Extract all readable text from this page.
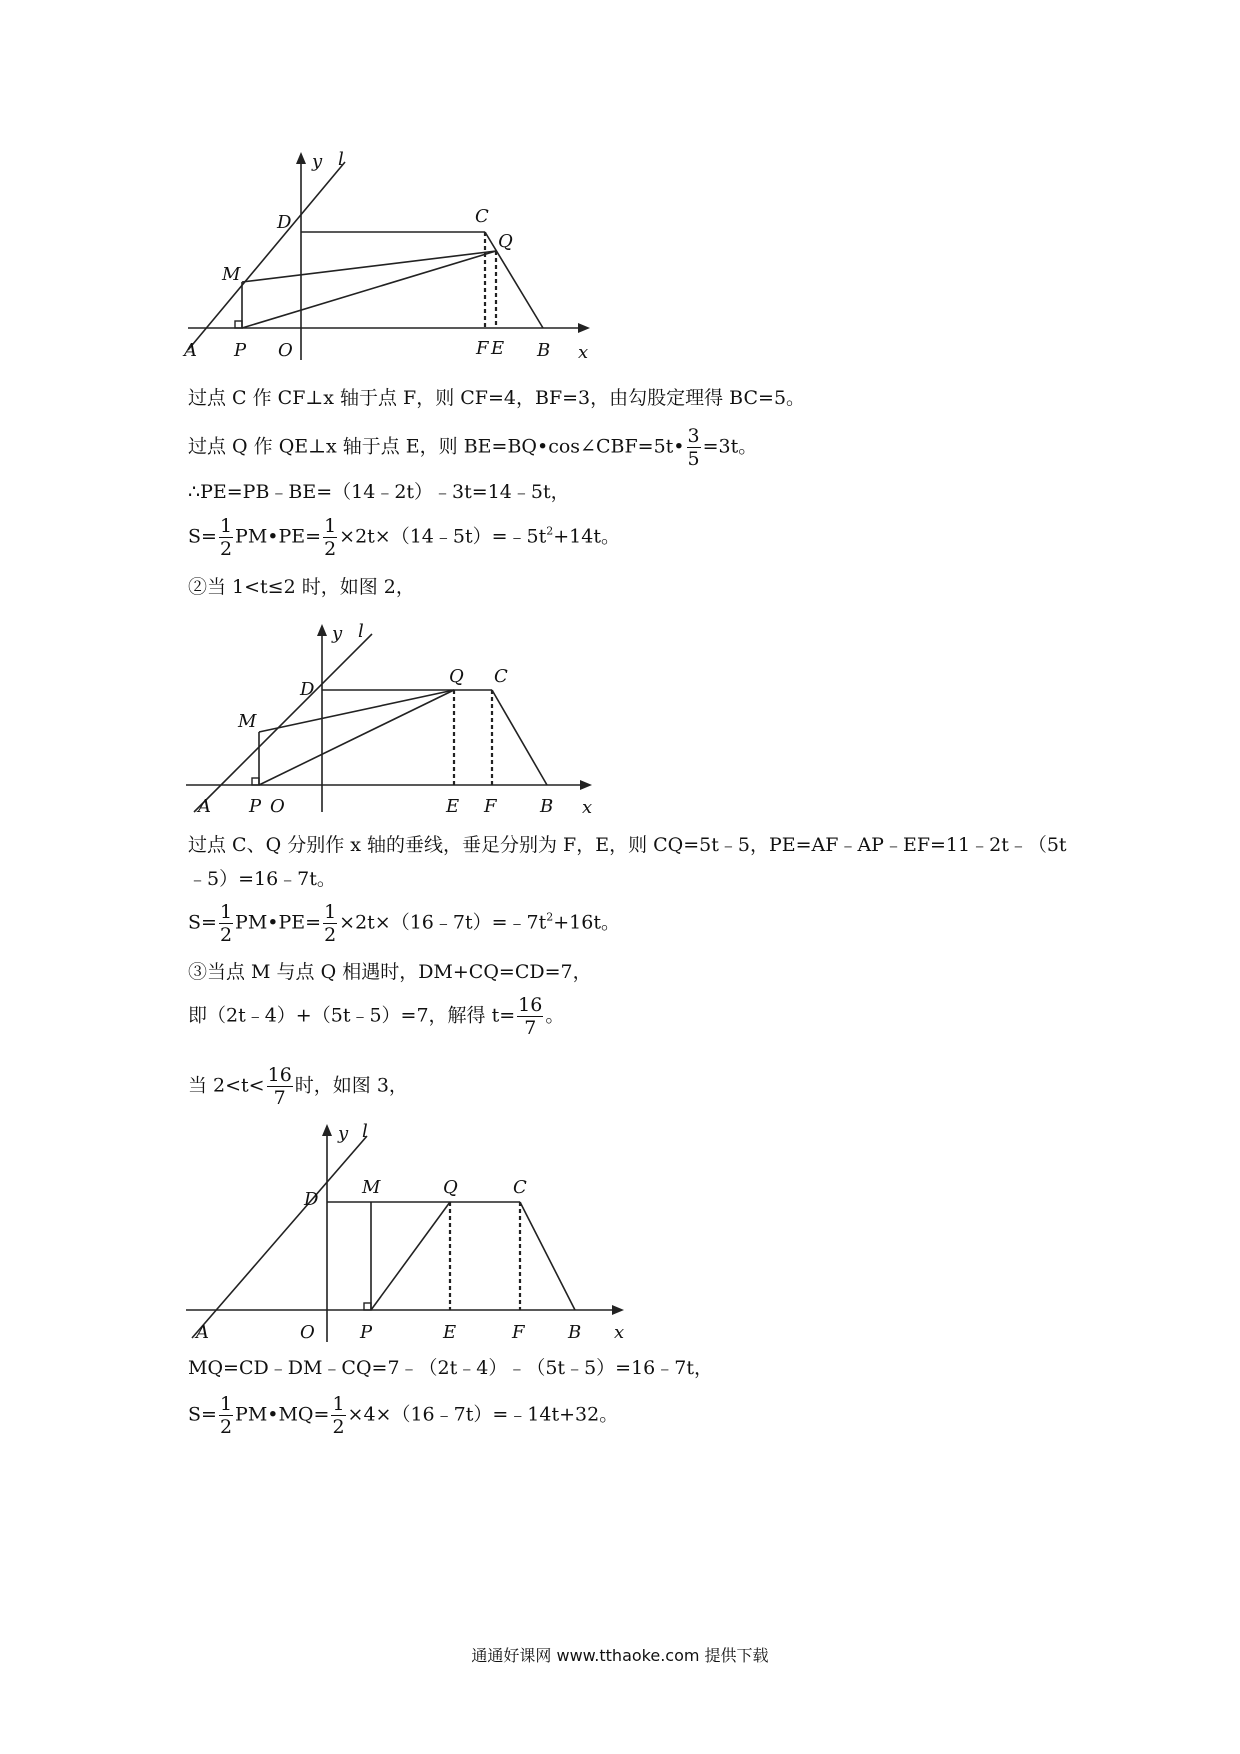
y l
x
A P O	F E B
D	C
Q
M
过点 C 作 CF⊥x 轴于点 F，则 CF=4，BF=3，由勾股定理得 BC=5。
过点 Q 作 QE⊥x 轴于点 E，则 BE=BQ•cos∠CBF=5t• $\frac{3}{5} =3t$。
∴PE=PB﹣BE=（14﹣2t）﹣3t=14﹣5t，
$S= \frac{1}{2}$ PM•PE= $\frac{1}{2}$ $\times 2t\times(14﹣5t)=﹣5t^2+14t$。
②当 1<t≤2 时，如图 2，
y l
x
A P O	E F B
D
Q C
M
过点 C、Q 分别作 x 轴的垂线，垂足分别为 F，E，则 CQ=5t﹣5，PE=AF﹣AP﹣EF=11﹣2t﹣（5t
﹣5）=16﹣7t。
$S= \frac{1}{2}$ PM•PE= $\frac{1}{2}$ $\times 2t\times(16﹣7t)=﹣7t^2+16t$。
③当点 M 与点 Q 相遇时，DM+CQ=CD=7，
即（2t﹣4）+（5t﹣5）=7，解得 $t= \frac{16}{7}$ 。
当 $2<t< \frac{16}{7}$ 时，如图 3，
y l
x
A	O	P	E	F B
D
M	Q	C
MQ=CD﹣DM﹣CQ=7﹣（2t﹣4）﹣（5t﹣5）=16﹣7t，
$S= \frac{1}{2}$ PM•MQ= $\frac{1}{2}$ ×4×（16﹣7t）=﹣14t+32。
通通好课网 www.tthaoke.com 提供下载
